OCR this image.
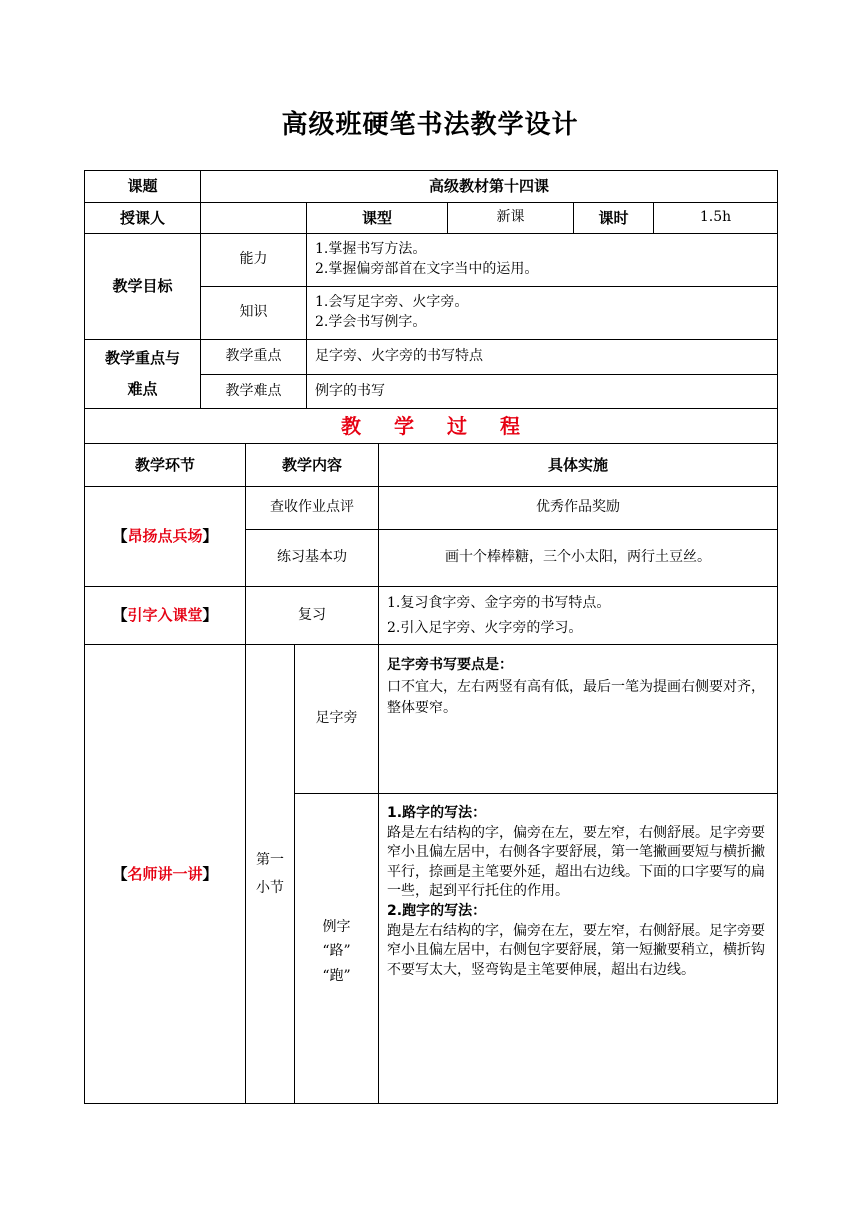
高级班硬笔书法教学设计
课题	高级教材第十四课				
授课人		课型	新课	课时	1.5h
教学目标	能力	1.掌握书写方法。
2.掌握偏旁部首在文字当中的运用。			

	知识	1.会写足字旁、火字旁。
2.学会书写例字。			

教学重点与
难点	教学重点	足字旁、火字旁的书写特点			
	教学难点	例字的书写			
教 学 过 程					
教学环节	教学内容		具体实施
【昂扬点兵场】	查收作业点评		优秀作品奖励
	练习基本功		画十个棒棒糖，三个小太阳，两行土豆丝。
【引字入课堂】	复习		1.复习食字旁、金字旁的书写特点。
2.引入足字旁、火字旁的学习。

【名师讲一讲】	第一
小节	足字旁	足字旁书写要点是：
口不宜大，左右两竖有高有低，最后一笔为提画右侧要对齐，整体要窄。

		例字
“路”
“跑”	1.路字的写法：
路是左右结构的字，偏旁在左，要左窄，右侧舒展。足字旁要窄小且偏左居中，右侧各字要舒展，第一笔撇画要短与横折撇平行，捺画是主笔要外延，超出右边线。下面的口字要写的扁一些，起到平行托住的作用。
2.跑字的写法：
跑是左右结构的字，偏旁在左，要左窄，右侧舒展。足字旁要窄小且偏左居中，右侧包字要舒展，第一短撇要稍立，横折钩不要写太大，竖弯钩是主笔要伸展，超出右边线。
